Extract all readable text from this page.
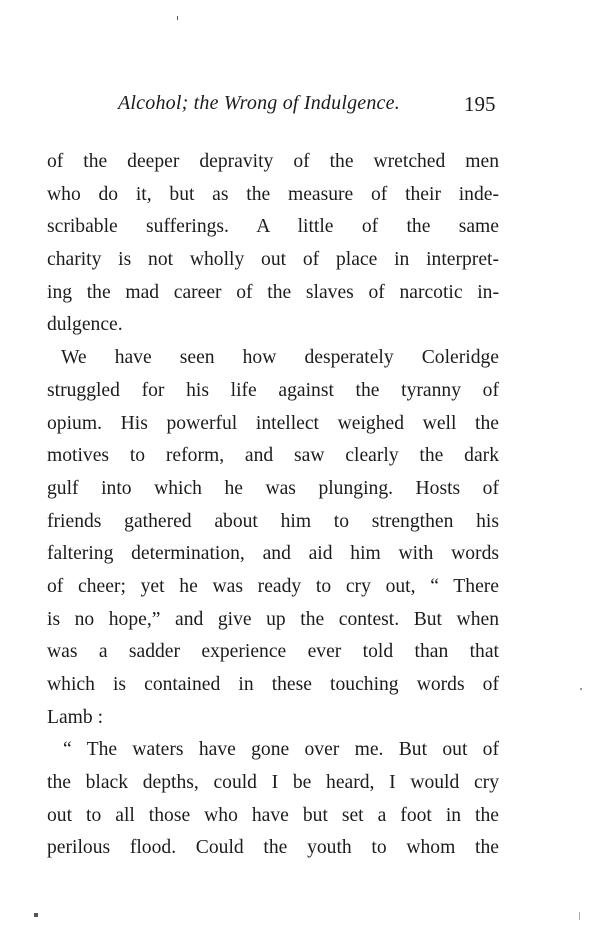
Alcohol; the Wrong of Indulgence.	195
of the deeper depravity of the wretched men
who do it, but as the measure of their inde-
scribable sufferings. A little of the same
charity is not wholly out of place in interpret-
ing the mad career of the slaves of narcotic in-
dulgence.
We have seen how desperately Coleridge
struggled for his life against the tyranny of
opium. His powerful intellect weighed well the
motives to reform, and saw clearly the dark
gulf into which he was plunging. Hosts of
friends gathered about him to strengthen his
faltering determination, and aid him with words
of cheer; yet he was ready to cry out, “ There
is no hope,” and give up the contest. But when
was a sadder experience ever told than that
which is contained in these touching words of
Lamb :
“ The waters have gone over me. But out of
the black depths, could I be heard, I would cry
out to all those who have but set a foot in the
perilous flood. Could the youth to whom the
